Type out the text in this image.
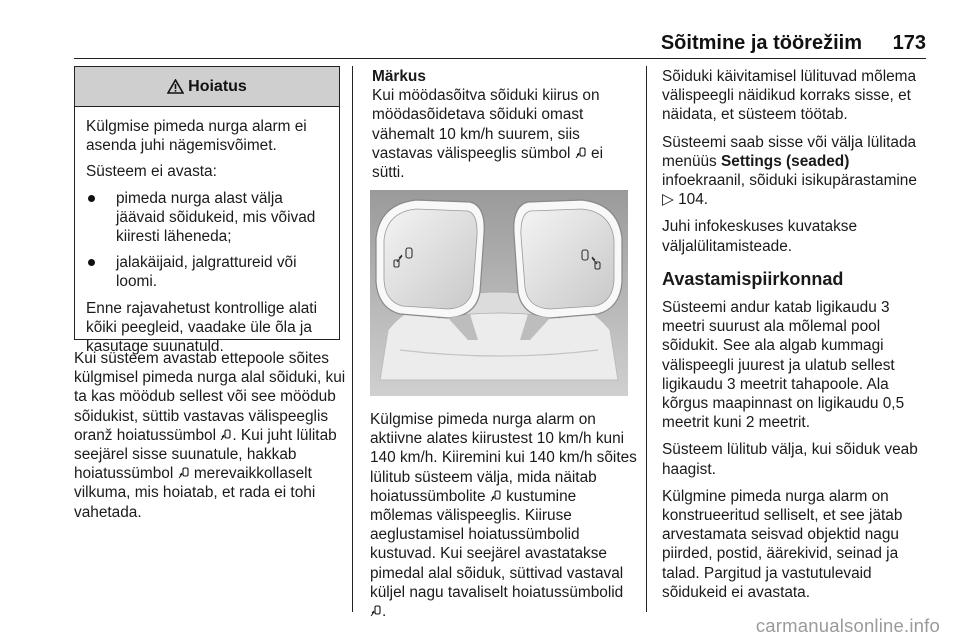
Sõitmine ja töörežiim	173
Hoiatus

Külgmise pimeda nurga alarm ei asenda juhi nägemisvõimet.

Süsteem ei avasta:

pimeda nurga alast välja jäävaid sõidukeid, mis võivad kiiresti läheneda;
jalakäijaid, jalgrattureid või loomi.

Enne rajavahetust kontrollige alati kõiki peegleid, vaadake üle õla ja kasutage suunatuld.

Kui süsteem avastab ettepoole sõites külgmisel pimeda nurga alal sõiduki, kui ta kas möödub sellest või see möödub sõidukist, süttib vastavas välispeeglis oranž hoiatussümbol . Kui juht lülitab seejärel sisse suunatule, hakkab hoiatussümbol merevaikkollaselt vilkuma, mis hoiatab, et rada ei tohi vahetada.

Märkus

Kui möödasõitva sõiduki kiirus on möödasõidetava sõiduki omast vähemalt 10 km/h suurem, siis vastavas välispeeglis sümbol ei sütti.

Külgmise pimeda nurga alarm on aktiivne alates kiirustest 10 km/h kuni 140 km/h. Kiiremini kui 140 km/h sõites lülitub süsteem välja, mida näitab hoiatussümbolite kustumine mõlemas välispeeglis. Kiiruse aeglustamisel hoiatussümbolid kustuvad. Kui seejärel avastatakse pimedal alal sõiduk, süttivad vastaval küljel nagu tavaliselt hoiatussümbolid .

Sõiduki käivitamisel lülituvad mõlema välispeegli näidikud korraks sisse, et näidata, et süsteem töötab.

Süsteemi saab sisse või välja lülitada menüüs Settings (seaded) infoekraanil, sõiduki isikupärastamine ▷ 104.

Juhi infokeskuses kuvatakse väljalülitamisteade.

Avastamispiirkonnad

Süsteemi andur katab ligikaudu 3 meetri suurust ala mõlemal pool sõidukit. See ala algab kummagi välispeegli juurest ja ulatub sellest ligikaudu 3 meetrit tahapoole. Ala kõrgus maapinnast on ligikaudu 0,5 meetrit kuni 2 meetrit.

Süsteem lülitub välja, kui sõiduk veab haagist.

Külgmine pimeda nurga alarm on konstrueeritud selliselt, et see jätab arvestamata seisvad objektid nagu piirded, postid, äärekivid, seinad ja talad. Pargitud ja vastutulevaid sõidukeid ei avastata.

carmanualsonline.info
